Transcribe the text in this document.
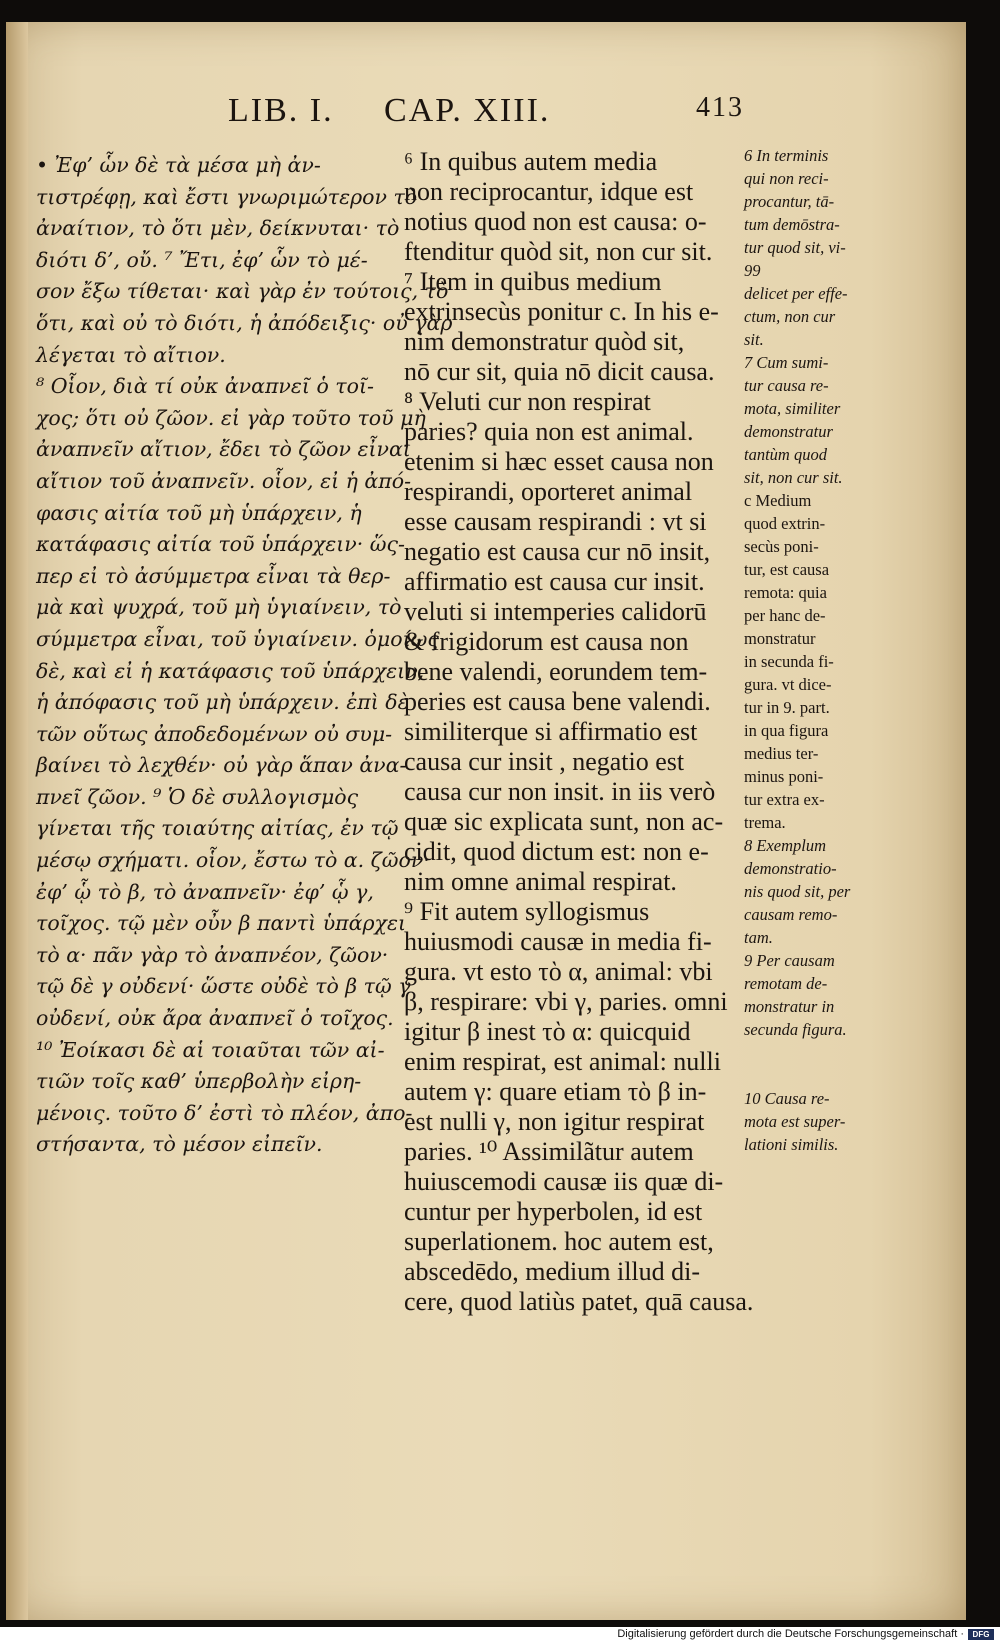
LIB. I. CAP. XIII.	413
• Ἐφ’ ὧν δὲ τὰ μέσα μὴ ἀν-
τιστρέφῃ, καὶ ἔστι γνωριμώτερον τὸ
ἀναίτιον, τὸ ὅτι μὲν, δείκνυται· τὸ
διότι δ’, οὔ. ⁷ Ἔτι, ἐφ’ ὧν τὸ μέ-
σον ἔξω τίθεται· καὶ γὰρ ἐν τούτοις, τὸ
ὅτι, καὶ οὐ τὸ διότι, ἡ ἀπόδειξις· οὐ γὰρ
λέγεται τὸ αἴτιον.
⁸ Οἷον, διὰ τί οὐκ ἀναπνεῖ ὁ τοῖ-
χος; ὅτι οὐ ζῶον. εἰ γὰρ τοῦτο τοῦ μὴ
ἀναπνεῖν αἴτιον, ἔδει τὸ ζῶον εἶναι
αἴτιον τοῦ ἀναπνεῖν. οἷον, εἰ ἡ ἀπό-
φασις αἰτία τοῦ μὴ ὑπάρχειν, ἡ
κατάφασις αἰτία τοῦ ὑπάρχειν· ὥς-
περ εἰ τὸ ἀσύμμετρα εἶναι τὰ θερ-
μὰ καὶ ψυχρά, τοῦ μὴ ὑγιαίνειν, τὸ
σύμμετρα εἶναι, τοῦ ὑγιαίνειν. ὁμοίως
δὲ, καὶ εἰ ἡ κατάφασις τοῦ ὑπάρχειν,
ἡ ἀπόφασις τοῦ μὴ ὑπάρχειν. ἐπὶ δὲ
τῶν οὕτως ἀποδεδομένων οὐ συμ-
βαίνει τὸ λεχθέν· οὐ γὰρ ἅπαν ἀνα-
πνεῖ ζῶον. ⁹ Ὁ δὲ συλλογισμὸς
γίνεται τῆς τοιαύτης αἰτίας, ἐν τῷ
μέσῳ σχήματι. οἷον, ἔστω τὸ α. ζῶον·
ἐφ’ ᾧ τὸ β, τὸ ἀναπνεῖν· ἐφ’ ᾧ γ,
τοῖχος. τῷ μὲν οὖν β παντὶ ὑπάρχει
τὸ α· πᾶν γὰρ τὸ ἀναπνέον, ζῶον·
τῷ δὲ γ οὐδενί· ὥστε οὐδὲ τὸ β τῷ γ
οὐδενί, οὐκ ἄρα ἀναπνεῖ ὁ τοῖχος.
¹⁰ Ἐοίκασι δὲ αἱ τοιαῦται τῶν αἰ-
τιῶν τοῖς καθ’ ὑπερβολὴν εἰρη-
μένοις. τοῦτο δ’ ἐστὶ τὸ πλέον, ἀπο-
στήσαντα, τὸ μέσον εἰπεῖν.
⁶ In quibus autem media
non reciprocantur, idque est
notius quod non est causa: o-
ftenditur quòd sit, non cur sit.
⁷ Item in quibus medium
extrinsecùs ponitur c. In his e-
nim demonstratur quòd sit,
nō cur sit, quia nō dicit causa.
⁸ Veluti cur non respirat
paries? quia non est animal.
etenim si hæc esset causa non
respirandi, oporteret animal
esse causam respirandi : vt si
negatio est causa cur nō insit,
affirmatio est causa cur insit.
veluti si intemperies calidorū
& frigidorum est causa non
bene valendi, eorundem tem-
peries est causa bene valendi.
similiterque si affirmatio est
causa cur insit , negatio est
causa cur non insit. in iis verò
quæ sic explicata sunt, non ac-
cidit, quod dictum est: non e-
nim omne animal respirat.
⁹ Fit autem syllogismus
huiusmodi causæ in media fi-
gura. vt esto τὸ α, animal: vbi
β, respirare: vbi γ, paries. omni
igitur β inest τὸ α: quicquid
enim respirat, est animal: nulli
autem γ: quare etiam τὸ β in-
est nulli γ, non igitur respirat
paries. ¹⁰ Assimilãtur autem
huiuscemodi causæ iis quæ di-
cuntur per hyperbolen, id est
superlationem. hoc autem est,
abscedēdo, medium illud di-
cere, quod latiùs patet, quā causa.
6 In terminis
qui non reci-
procantur, tā-
tum demōstra-
tur quod sit, vi-
99
delicet per effe-
ctum, non cur
sit.
7 Cum sumi-
tur causa re-
mota, similiter
demonstratur
tantùm quod
sit, non cur sit.
c Medium
quod extrin-
secùs poni-
tur, est causa
remota: quia
per hanc de-
monstratur
in secunda fi-
gura. vt dice-
tur in 9. part.
in qua figura
medius ter-
minus poni-
tur extra ex-
trema.
8 Exemplum
demonstratio-
nis quod sit, per
causam remo-
tam.
9 Per causam
remotam de-
monstratur in
secunda figura.
10 Causa re-
mota est super-
lationi similis.
Digitalisierung gefördert durch die Deutsche Forschungsgemeinschaft ·	DFG
